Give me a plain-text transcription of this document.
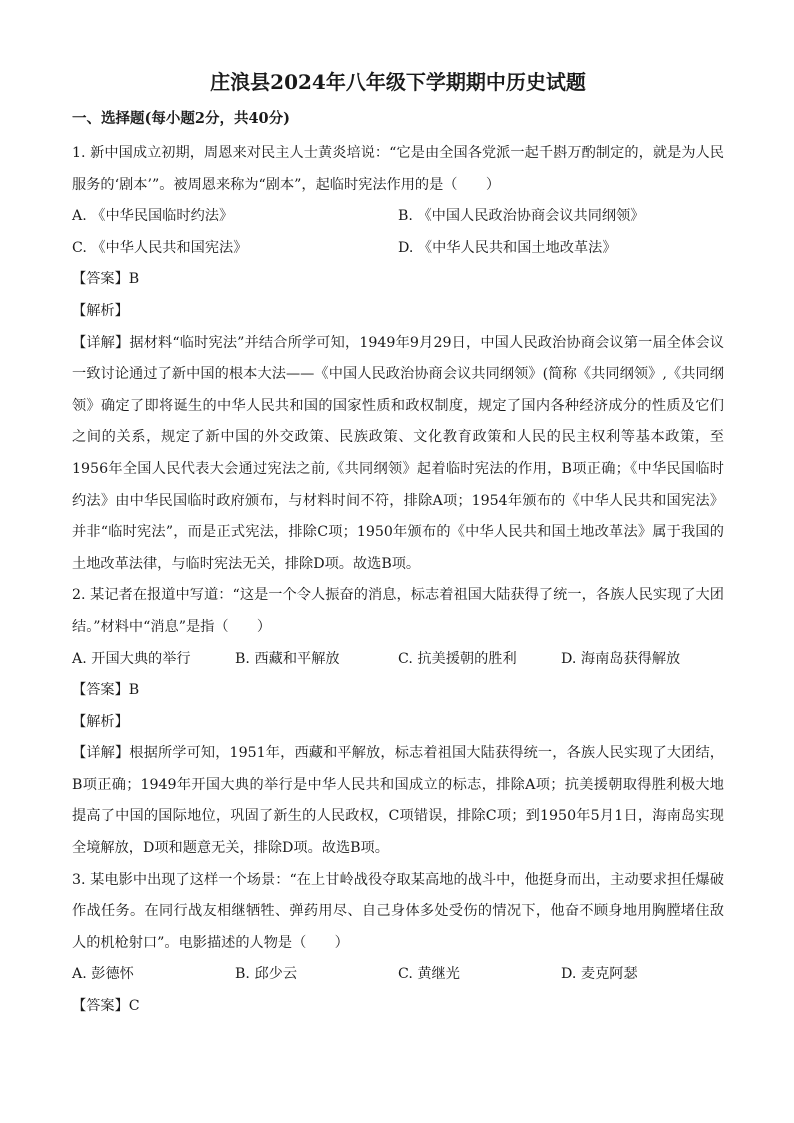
庄浪县2024年八年级下学期期中历史试题
一、选择题(每小题2分，共40分)

1. 新中国成立初期，周恩来对民主人士黄炎培说：“它是由全国各党派一起千斟万酌制定的，就是为人民服务的‘剧本’”。被周恩来称为“剧本”，起临时宪法作用的是（　　）

A. 《中华民国临时约法》	B. 《中国人民政治协商会议共同纲领》
C. 《中华人民共和国宪法》	D. 《中华人民共和国土地改革法》
【答案】B
【解析】

【详解】据材料“临时宪法”并结合所学可知，1949年9月29日，中国人民政治协商会议第一届全体会议一致讨论通过了新中国的根本大法——《中国人民政治协商会议共同纲领》(简称《共同纲领》,《共同纲领》确定了即将诞生的中华人民共和国的国家性质和政权制度，规定了国内各种经济成分的性质及它们之间的关系，规定了新中国的外交政策、民族政策、文化教育政策和人民的民主权利等基本政策，至1956年全国人民代表大会通过宪法之前,《共同纲领》起着临时宪法的作用，B项正确；《中华民国临时约法》由中华民国临时政府颁布，与材料时间不符，排除A项；1954年颁布的《中华人民共和国宪法》并非“临时宪法”，而是正式宪法，排除C项；1950年颁布的《中华人民共和国土地改革法》属于我国的土地改革法律，与临时宪法无关，排除D项。故选B项。

2. 某记者在报道中写道：“这是一个令人振奋的消息，标志着祖国大陆获得了统一，各族人民实现了大团结。”材料中“消息”是指（　　）

A. 开国大典的举行	B. 西藏和平解放	C. 抗美援朝的胜利	D. 海南岛获得解放
【答案】B
【解析】

【详解】根据所学可知，1951年，西藏和平解放，标志着祖国大陆获得统一，各族人民实现了大团结，B项正确；1949年开国大典的举行是中华人民共和国成立的标志，排除A项；抗美援朝取得胜利极大地提高了中国的国际地位，巩固了新生的人民政权，C项错误，排除C项；到1950年5月1日，海南岛实现全境解放，D项和题意无关，排除D项。故选B项。

3. 某电影中出现了这样一个场景：“在上甘岭战役夺取某高地的战斗中，他挺身而出，主动要求担任爆破作战任务。在同行战友相继牺牲、弹药用尽、自己身体多处受伤的情况下，他奋不顾身地用胸膛堵住敌人的机枪射口”。电影描述的人物是（　　）

A. 彭德怀	B. 邱少云	C. 黄继光	D. 麦克阿瑟
【答案】C
